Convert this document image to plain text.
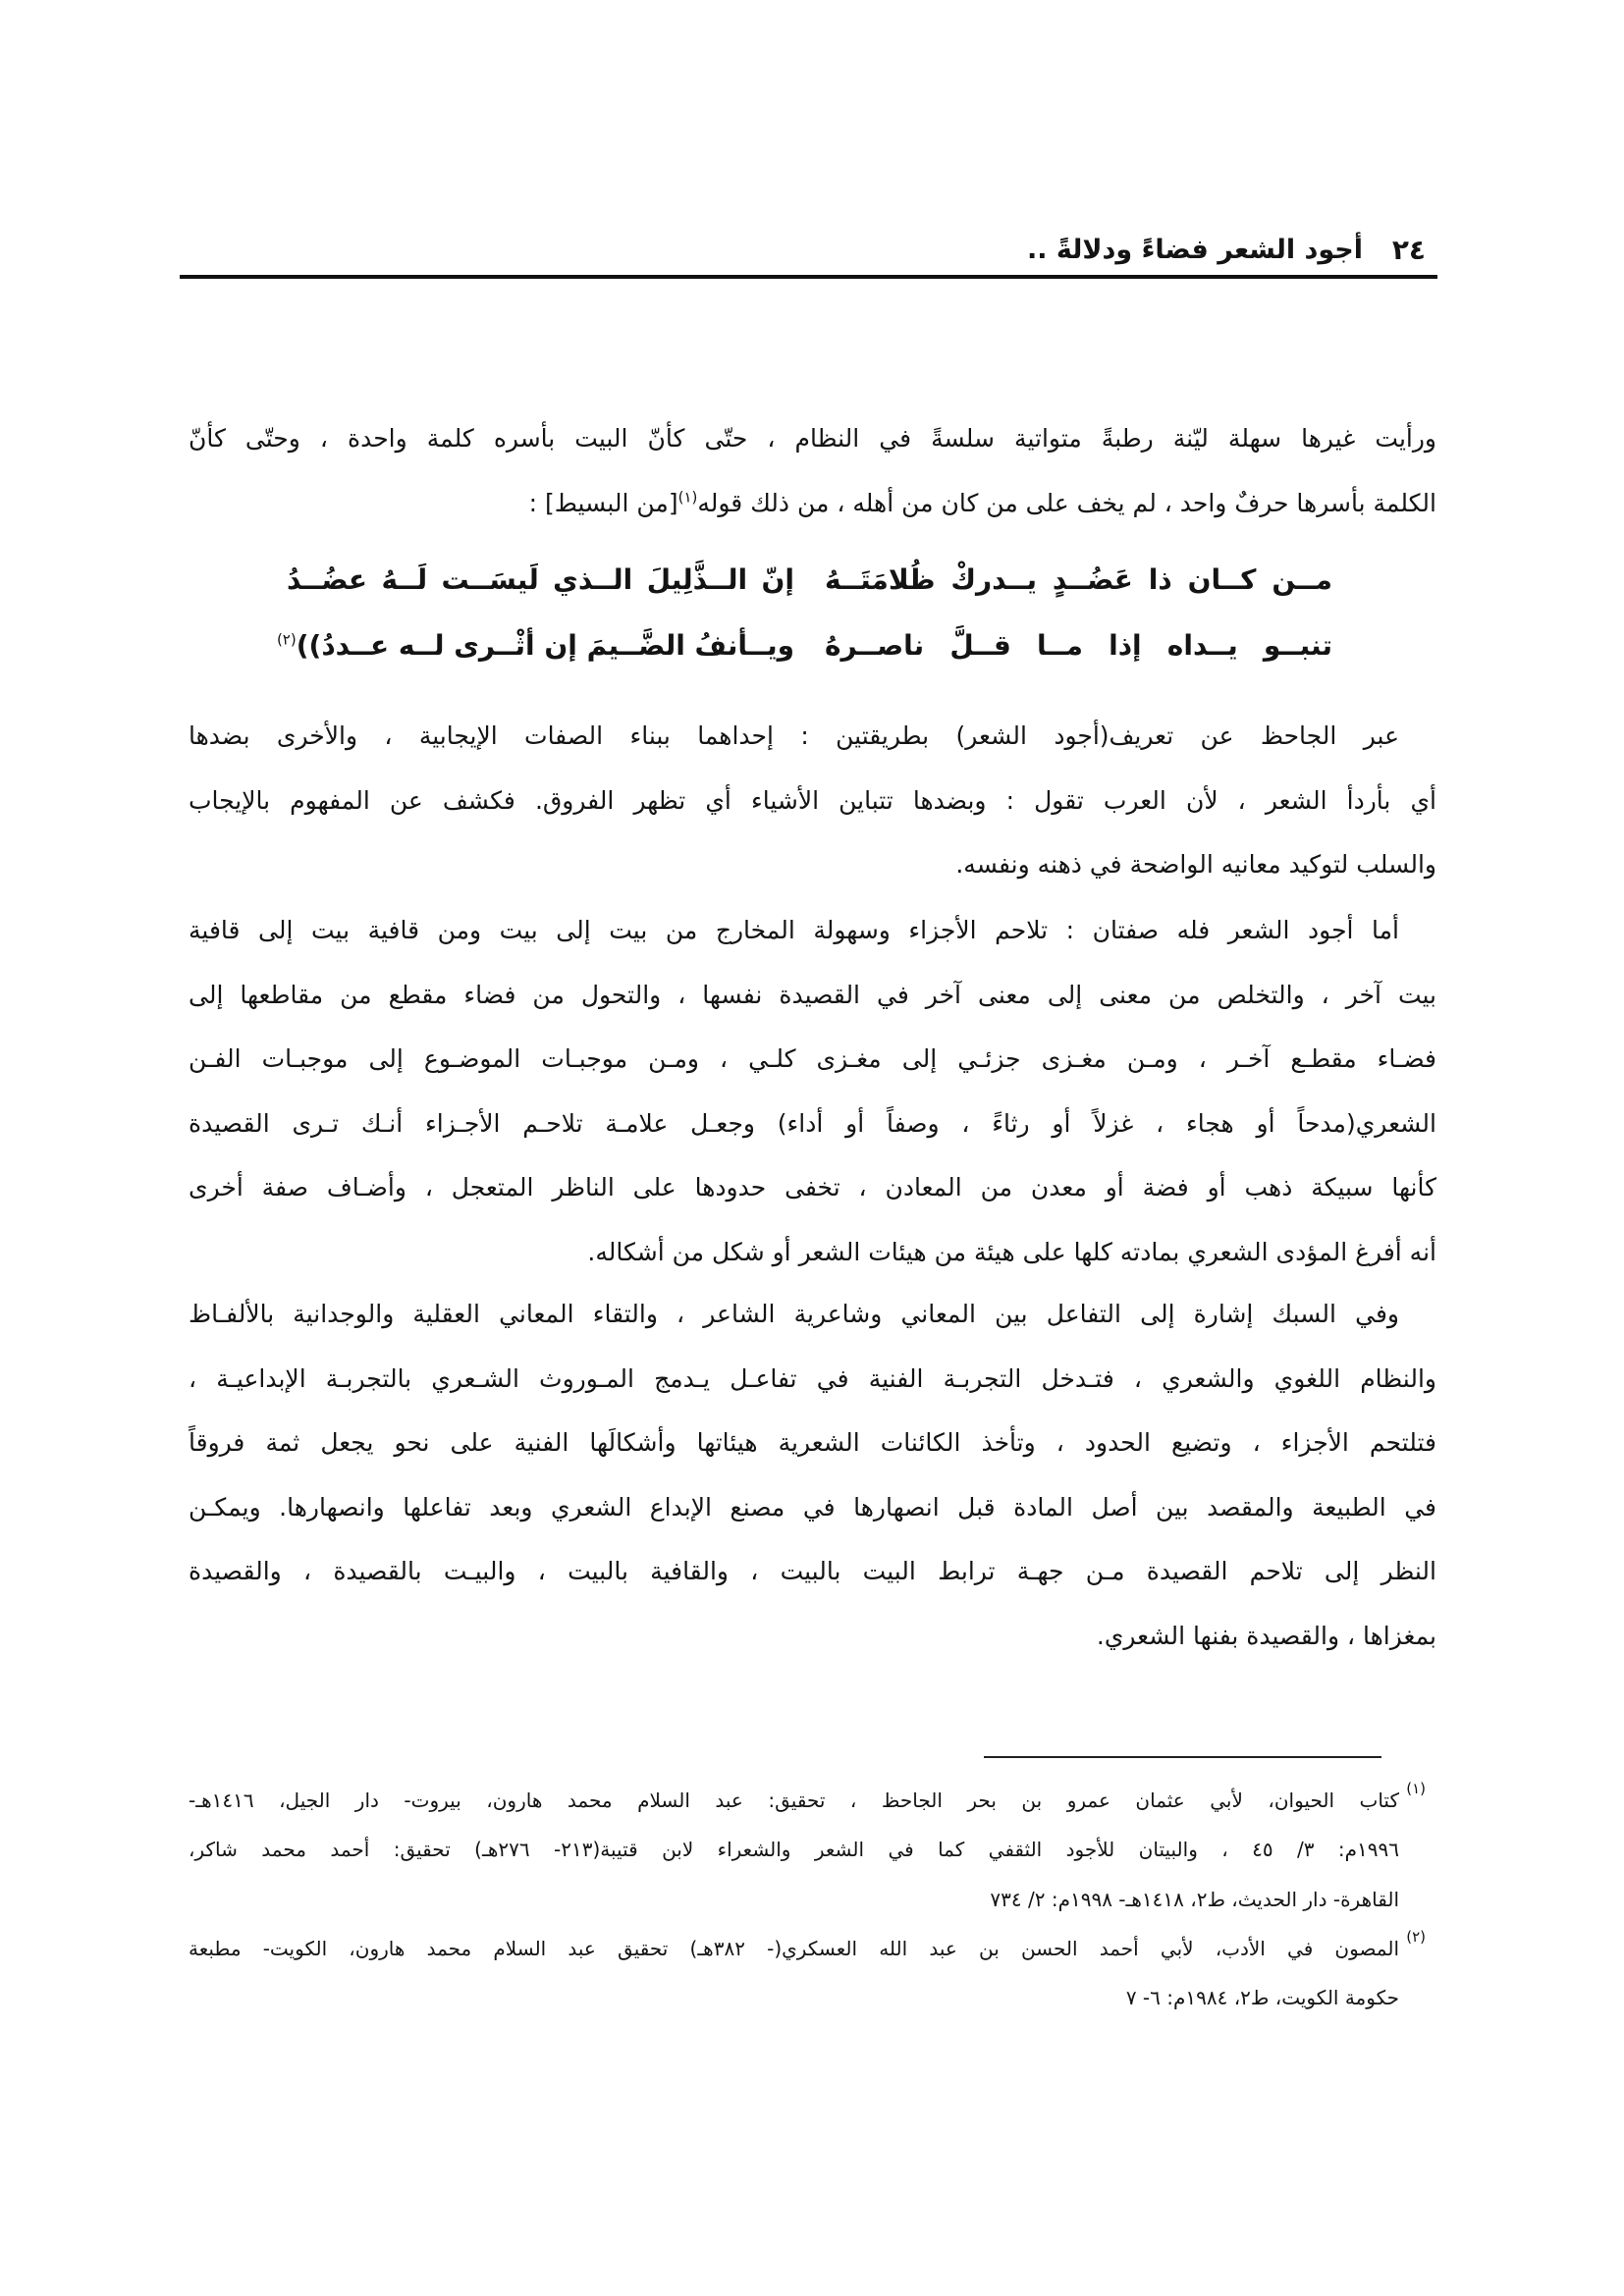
٢٤
أجود الشعر فضاءً ودلالةً ..
ورأيت غيرها سهلة ليّنة رطبةً متواتية سلسةً في النظام ، حتّى كأنّ البيت بأسره كلمة واحدة ، وحتّى كأنّ
الكلمة بأسرها حرفٌ واحد ، لم يخف على من كان من أهله ، من ذلك قوله$^{(١)}$[من البسيط] :
مــن كــان ذا عَضُــدٍ يــدركْ ظُلامَتَــهُ
إنّ الــذَّلِيلَ الــذي لَيسَــت لَــهُ عضُــدُ
تنبــو يــداه إذا مــا قــلَّ ناصــرهُ
ويــأنفُ الضَّــيمَ إن أثْــرى لــه عــددُ))$^{(٢)}$
عبر الجاحظ عن تعريف(أجود الشعر) بطريقتين : إحداهما ببناء الصفات الإيجابية ، والأخرى بضدها
أي بأردأ الشعر ، لأن العرب تقول : وبضدها تتباين الأشياء أي تظهر الفروق. فكشف عن المفهوم بالإيجاب
والسلب لتوكيد معانيه الواضحة في ذهنه ونفسه.
أما أجود الشعر فله صفتان : تلاحم الأجزاء وسهولة المخارج من بيت إلى بيت ومن قافية بيت إلى قافية
بيت آخر ، والتخلص من معنى إلى معنى آخر في القصيدة نفسها ، والتحول من فضاء مقطع من مقاطعها إلى
فضـاء مقطـع آخـر ، ومـن مغـزى جزئـي إلى مغـزى كلـي ، ومـن موجبـات الموضـوع إلى موجبـات الفـن
الشعري(مدحاً أو هجاء ، غزلاً أو رثاءً ، وصفاً أو أداء) وجعـل علامـة تلاحـم الأجـزاء أنـك تـرى القصيدة
كأنها سبيكة ذهب أو فضة أو معدن من المعادن ، تخفى حدودها على الناظر المتعجل ، وأضـاف صفة أخرى
أنه أفرغ المؤدى الشعري بمادته كلها على هيئة من هيئات الشعر أو شكل من أشكاله.
وفي السبك إشارة إلى التفاعل بين المعاني وشاعرية الشاعر ، والتقاء المعاني العقلية والوجدانية بالألفـاظ
والنظام اللغوي والشعري ، فتـدخل التجربـة الفنية في تفاعـل يـدمج المـوروث الشـعري بالتجربـة الإبداعيـة ،
فتلتحم الأجزاء ، وتضيع الحدود ، وتأخذ الكائنات الشعرية هيئاتها وأشكالَها الفنية على نحو يجعل ثمة فروقاً
في الطبيعة والمقصد بين أصل المادة قبل انصهارها في مصنع الإبداع الشعري وبعد تفاعلها وانصهارها. ويمكـن
النظر إلى تلاحم القصيدة مـن جهـة ترابط البيت بالبيت ، والقافية بالبيت ، والبيـت بالقصيدة ، والقصيدة
بمغزاها ، والقصيدة بفنها الشعري.
(١)
(٢)
كتاب الحيوان، لأبي عثمان عمرو بن بحر الجاحظ ، تحقيق: عبد السلام محمد هارون، بيروت- دار الجيل، ١٤١٦هـ-
١٩٩٦م: ٣/ ٤٥ ، والبيتان للأجود الثقفي كما في الشعر والشعراء لابن قتيبة(٢١٣- ٢٧٦هـ) تحقيق: أحمد محمد شاكر،
القاهرة- دار الحديث، ط٢، ١٤١٨هـ- ١٩٩٨م: ٢/ ٧٣٤
المصون في الأدب، لأبي أحمد الحسن بن عبد الله العسكري(- ٣٨٢هـ) تحقيق عبد السلام محمد هارون، الكويت- مطبعة
حكومة الكويت، ط٢، ١٩٨٤م: ٦- ٧
